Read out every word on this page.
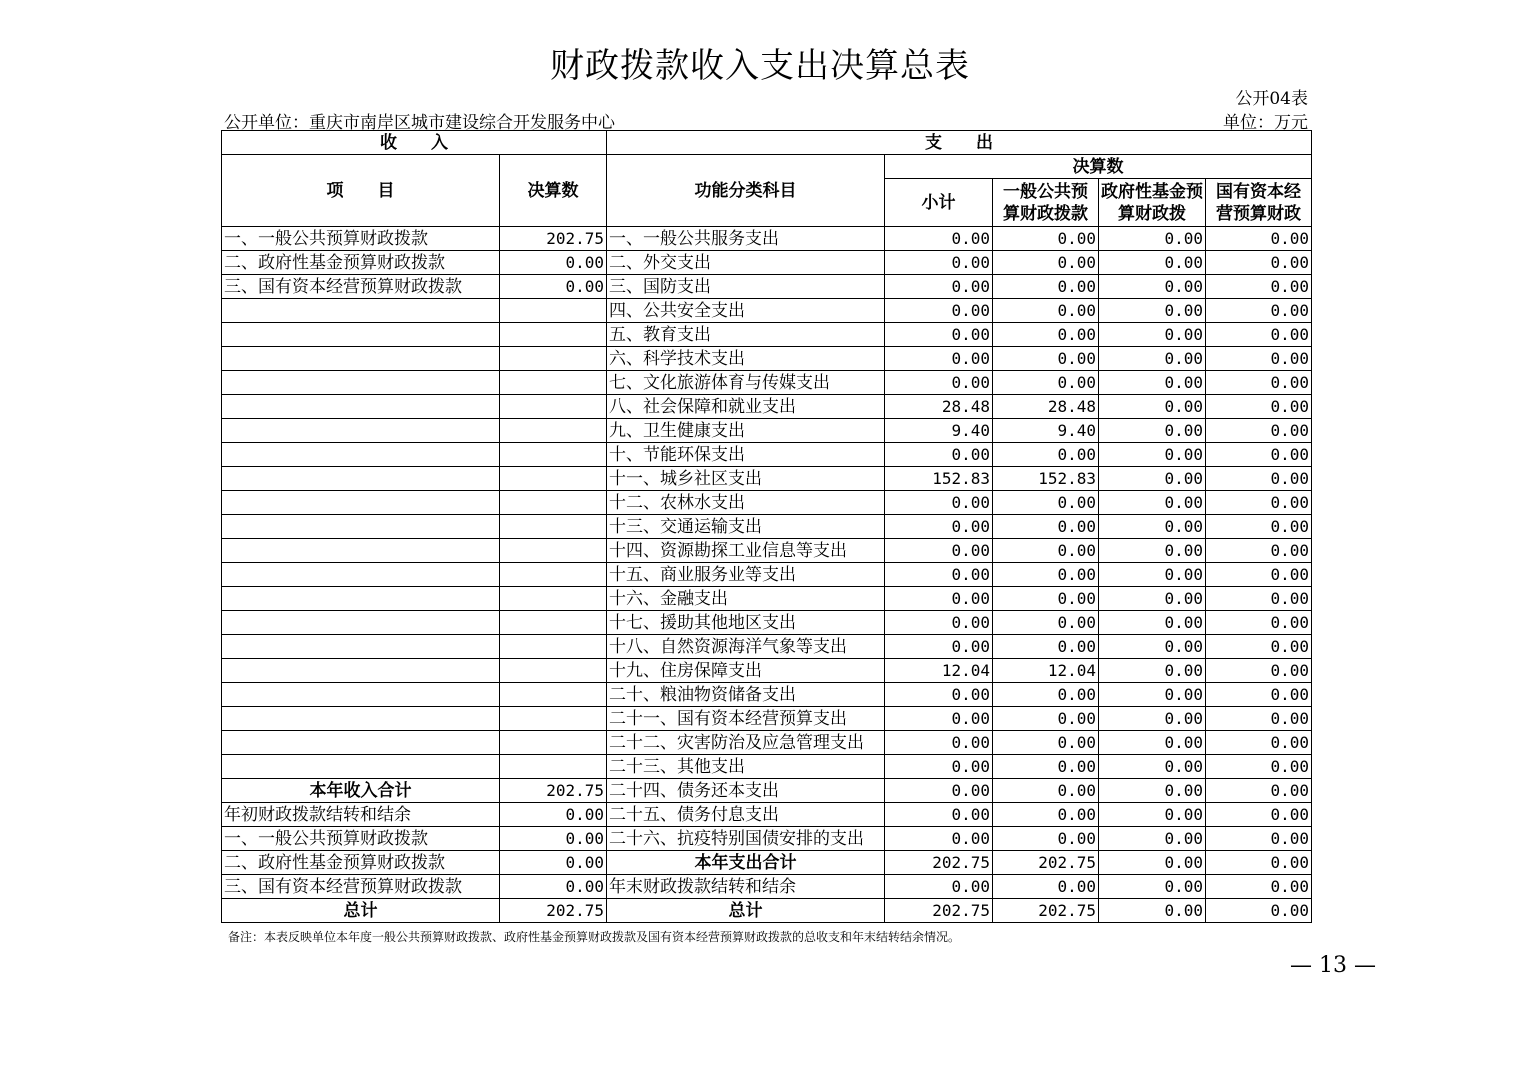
财政拨款收入支出决算总表
公开04表
公开单位：重庆市南岸区城市建设综合开发服务中心	单位：万元
收　　入		支　　出				
项　　目	决算数	功能分类科目	决算数			
			小计	一般公共预算财政拨款	政府性基金预算财政拨	国有资本经营预算财政
一、一般公共预算财政拨款	202.75	一、一般公共服务支出	0.00	0.00	0.00	0.00
二、政府性基金预算财政拨款	0.00	二、外交支出	0.00	0.00	0.00	0.00
三、国有资本经营预算财政拨款	0.00	三、国防支出	0.00	0.00	0.00	0.00
		四、公共安全支出	0.00	0.00	0.00	0.00
		五、教育支出	0.00	0.00	0.00	0.00
		六、科学技术支出	0.00	0.00	0.00	0.00
		七、文化旅游体育与传媒支出	0.00	0.00	0.00	0.00
		八、社会保障和就业支出	28.48	28.48	0.00	0.00
		九、卫生健康支出	9.40	9.40	0.00	0.00
		十、节能环保支出	0.00	0.00	0.00	0.00
		十一、城乡社区支出	152.83	152.83	0.00	0.00
		十二、农林水支出	0.00	0.00	0.00	0.00
		十三、交通运输支出	0.00	0.00	0.00	0.00
		十四、资源勘探工业信息等支出	0.00	0.00	0.00	0.00
		十五、商业服务业等支出	0.00	0.00	0.00	0.00
		十六、金融支出	0.00	0.00	0.00	0.00
		十七、援助其他地区支出	0.00	0.00	0.00	0.00
		十八、自然资源海洋气象等支出	0.00	0.00	0.00	0.00
		十九、住房保障支出	12.04	12.04	0.00	0.00
		二十、粮油物资储备支出	0.00	0.00	0.00	0.00
		二十一、国有资本经营预算支出	0.00	0.00	0.00	0.00
		二十二、灾害防治及应急管理支出	0.00	0.00	0.00	0.00
		二十三、其他支出	0.00	0.00	0.00	0.00
本年收入合计	202.75	二十四、债务还本支出	0.00	0.00	0.00	0.00
年初财政拨款结转和结余	0.00	二十五、债务付息支出	0.00	0.00	0.00	0.00
一、一般公共预算财政拨款	0.00	二十六、抗疫特别国债安排的支出	0.00	0.00	0.00	0.00
二、政府性基金预算财政拨款	0.00	本年支出合计	202.75	202.75	0.00	0.00
三、国有资本经营预算财政拨款	0.00	年末财政拨款结转和结余	0.00	0.00	0.00	0.00
总计	202.75	总计	202.75	202.75	0.00	0.00
备注：本表反映单位本年度一般公共预算财政拨款、政府性基金预算财政拨款及国有资本经营预算财政拨款的总收支和年末结转结余情况。
— 13 —
